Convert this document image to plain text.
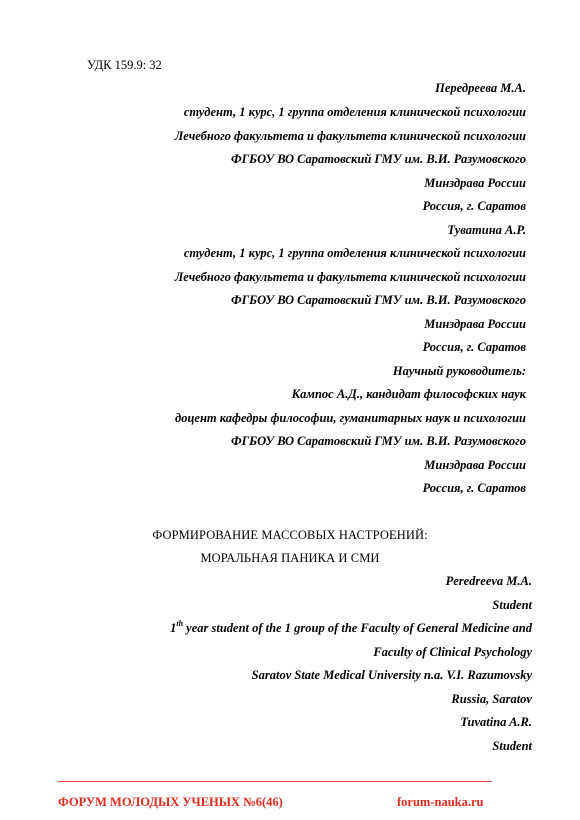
УДК 159.9: 32
Передреева М.А.
студент, 1 курс, 1 группа отделения клинической психологии
Лечебного факультета и факультета клинической психологии
ФГБОУ ВО Саратовский ГМУ им. В.И. Разумовского
Минздрава России
Россия, г. Саратов
Туватина А.Р.
студент, 1 курс, 1 группа отделения клинической психологии
Лечебного факультета и факультета клинической психологии
ФГБОУ ВО Саратовский ГМУ им. В.И. Разумовского
Минздрава России
Россия, г. Саратов
Научный руководитель:
Кампос А.Д., кандидат философских наук
доцент кафедры философии, гуманитарных наук и психологии
ФГБОУ ВО Саратовский ГМУ им. В.И. Разумовского
Минздрава России
Россия, г. Саратов
ФОРМИРОВАНИЕ МАССОВЫХ НАСТРОЕНИЙ:
МОРАЛЬНАЯ ПАНИКА И СМИ
Peredreeva M.A.
Student
1th year student of the 1 group of the Faculty of General Medicine and
Faculty of Clinical Psychology
Saratov State Medical University n.a. V.I. Razumovsky
Russia, Saratov
Tuvatina A.R.
Student
ФОРУМ МОЛОДЫХ УЧЕНЫХ №6(46)	forum-nauka.ru
